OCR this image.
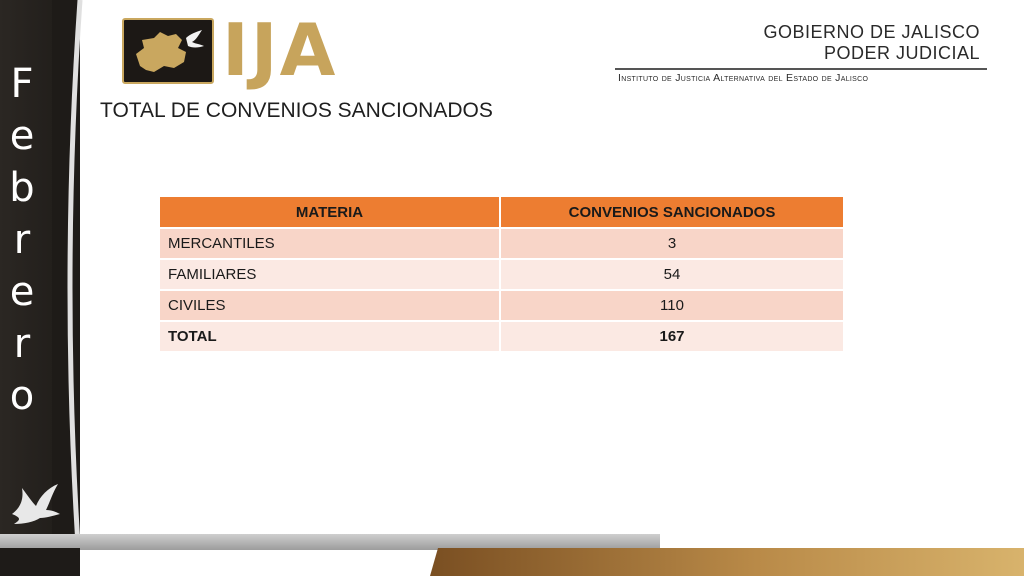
F
e
b
r
e
r
o
IJA	GOBIERNO DE JALISCO
PODER JUDICIAL
Instituto de Justicia Alternativa del Estado de Jalisco
TOTAL DE CONVENIOS SANCIONADOS
MATERIA	CONVENIOS SANCIONADOS
MERCANTILES	3
FAMILIARES	54
CIVILES	110
TOTAL	167
